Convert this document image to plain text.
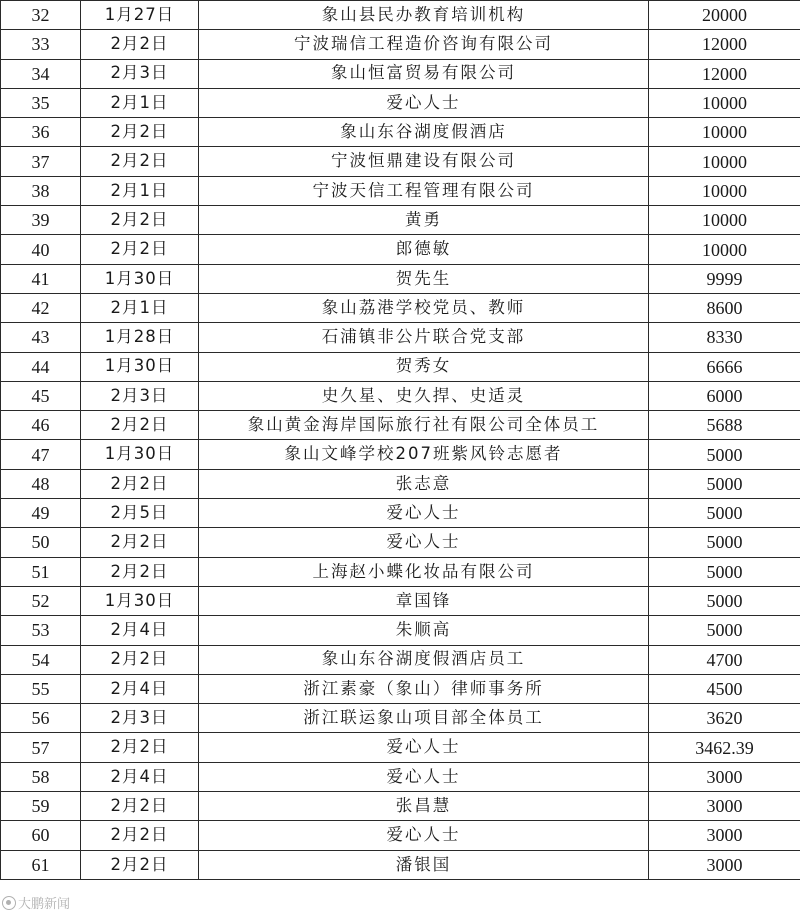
32	1月27日	象山县民办教育培训机构	20000
33	2月2日	宁波瑞信工程造价咨询有限公司	12000
34	2月3日	象山恒富贸易有限公司	12000
35	2月1日	爱心人士	10000
36	2月2日	象山东谷湖度假酒店	10000
37	2月2日	宁波恒鼎建设有限公司	10000
38	2月1日	宁波天信工程管理有限公司	10000
39	2月2日	黄勇	10000
40	2月2日	郎德敏	10000
41	1月30日	贺先生	9999
42	2月1日	象山荔港学校党员、教师	8600
43	1月28日	石浦镇非公片联合党支部	8330
44	1月30日	贺秀女	6666
45	2月3日	史久星、史久捍、史适灵	6000
46	2月2日	象山黄金海岸国际旅行社有限公司全体员工	5688
47	1月30日	象山文峰学校207班紫风铃志愿者	5000
48	2月2日	张志意	5000
49	2月5日	爱心人士	5000
50	2月2日	爱心人士	5000
51	2月2日	上海赵小蝶化妆品有限公司	5000
52	1月30日	章国锋	5000
53	2月4日	朱顺高	5000
54	2月2日	象山东谷湖度假酒店员工	4700
55	2月4日	浙江素豪（象山）律师事务所	4500
56	2月3日	浙江联运象山项目部全体员工	3620
57	2月2日	爱心人士	3462.39
58	2月4日	爱心人士	3000
59	2月2日	张昌慧	3000
60	2月2日	爱心人士	3000
61	2月2日	潘银国	3000
大鹏新闻
